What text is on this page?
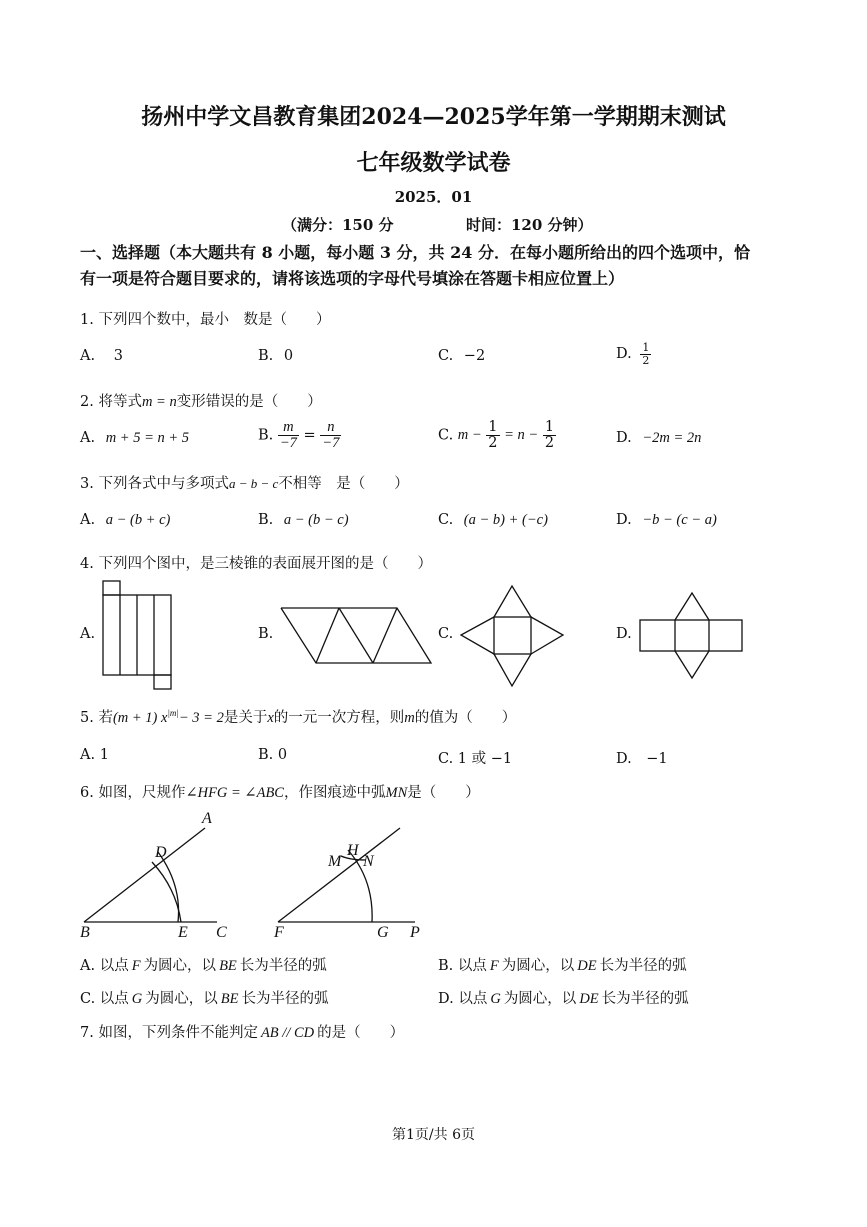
扬州中学文昌教育集团2024—2025学年第一学期期末测试
七年级数学试卷
2025．01
（满分：150 分	时间：120 分钟）
一、选择题（本大题共有 8 小题，每小题 3 分，共 24 分．在每小题所给出的四个选项中，恰
有一项是符合题目要求的，请将该选项的字母代号填涂在答题卡相应位置上）
1. 下列四个数中，最小　数是（　　）
A. 3	B. 0	C. −2	D. $\frac{1}{2}$
2. 将等式m = n变形错误的是（　　）
A. m + 5 = n + 5	B. $\frac{m}{-7} = \frac{n}{-7}$	C. $m - \frac{1}{2} = n - \frac{1}{2}$	D. −2m = 2n
3. 下列各式中与多项式a − b − c不相等　是（　　）
A. a − (b + c)	B. a − (b − c)	C. (a − b) + (−c)	D. −b − (c − a)
4. 下列四个图中，是三棱锥的表面展开图的是（　　）
A.	B.	C.	D.
5. 若(m + 1) $x^{|m|}- 3 = 2$是关于x的一元一次方程，则m的值为（　　）
A. 1	B. 0	C. 1 或 −1	D.　−1
6. 如图，尺规作∠HFG = ∠ABC，作图痕迹中弧MN是（　　）
A
D
B	E C
M
H
N
F	G P
A. 以点 F 为圆心，以 BE 长为半径的弧	B. 以点 F 为圆心，以 DE 长为半径的弧
C. 以点 G 为圆心，以 BE 长为半径的弧	D. 以点 G 为圆心，以 DE 长为半径的弧
7. 如图，下列条件不能判定 AB // CD 的是（　　）
第1页/共 6页
